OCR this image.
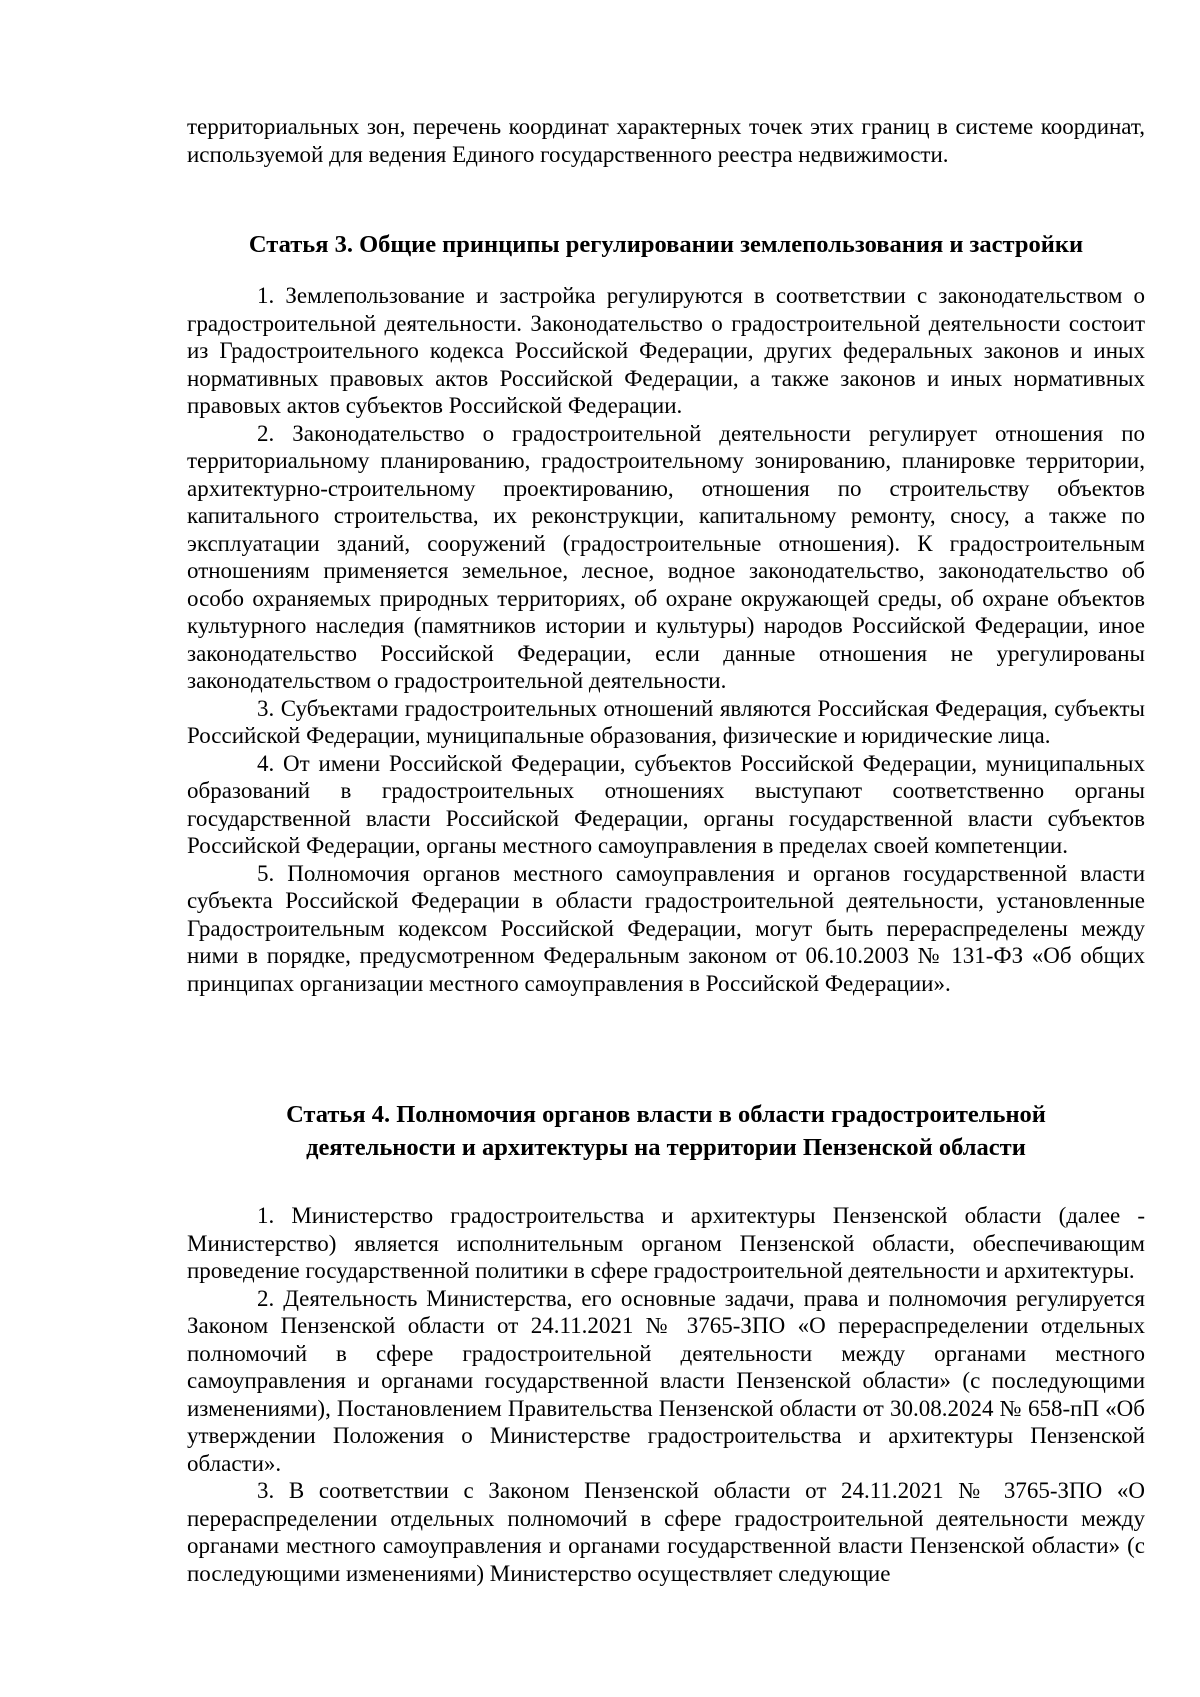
территориальных зон, перечень координат характерных точек этих границ в системе координат, используемой для ведения Единого государственного реестра недвижимости.

Статья 3. Общие принципы регулировании землепользования и застройки

1. Землепользование и застройка регулируются в соответствии с законодательством о градостроительной деятельности. Законодательство о градостроительной деятельности состоит из Градостроительного кодекса Российской Федерации, других федеральных законов и иных нормативных правовых актов Российской Федерации, а также законов и иных нормативных правовых актов субъектов Российской Федерации.

2. Законодательство о градостроительной деятельности регулирует отношения по территориальному планированию, градостроительному зонированию, планировке территории, архитектурно-строительному проектированию, отношения по строительству объектов капитального строительства, их реконструкции, капитальному ремонту, сносу, а также по эксплуатации зданий, сооружений (градостроительные отношения). К градостроительным отношениям применяется земельное, лесное, водное законодательство, законодательство об особо охраняемых природных территориях, об охране окружающей среды, об охране объектов культурного наследия (памятников истории и культуры) народов Российской Федерации, иное законодательство Российской Федерации, если данные отношения не урегулированы законодательством о градостроительной деятельности.

3. Субъектами градостроительных отношений являются Российская Федерация, субъекты Российской Федерации, муниципальные образования, физические и юридические лица.

4. От имени Российской Федерации, субъектов Российской Федерации, муниципальных образований в градостроительных отношениях выступают соответственно органы государственной власти Российской Федерации, органы государственной власти субъектов Российской Федерации, органы местного самоуправления в пределах своей компетенции.

5. Полномочия органов местного самоуправления и органов государственной власти субъекта Российской Федерации в области градостроительной деятельности, установленные Градостроительным кодексом Российской Федерации, могут быть перераспределены между ними в порядке, предусмотренном Федеральным законом от 06.10.2003 № 131-ФЗ «Об общих принципах организации местного самоуправления в Российской Федерации».

Статья 4. Полномочия органов власти в области градостроительной
деятельности и архитектуры на территории Пензенской области

1. Министерство градостроительства и архитектуры Пензенской области (далее - Министерство) является исполнительным органом Пензенской области, обеспечивающим проведение государственной политики в сфере градостроительной деятельности и архитектуры.

2. Деятельность Министерства, его основные задачи, права и полномочия регулируется Законом Пензенской области от 24.11.2021 № 3765-ЗПО «О перераспределении отдельных полномочий в сфере градостроительной деятельности между органами местного самоуправления и органами государственной власти Пензенской области» (с последующими изменениями), Постановлением Правительства Пензенской области от 30.08.2024 № 658-пП «Об утверждении Положения о Министерстве градостроительства и архитектуры Пензенской области».

3. В соответствии с Законом Пензенской области от 24.11.2021 № 3765-ЗПО «О перераспределении отдельных полномочий в сфере градостроительной деятельности между органами местного самоуправления и органами государственной власти Пензенской области» (с последующими изменениями) Министерство осуществляет следующие
